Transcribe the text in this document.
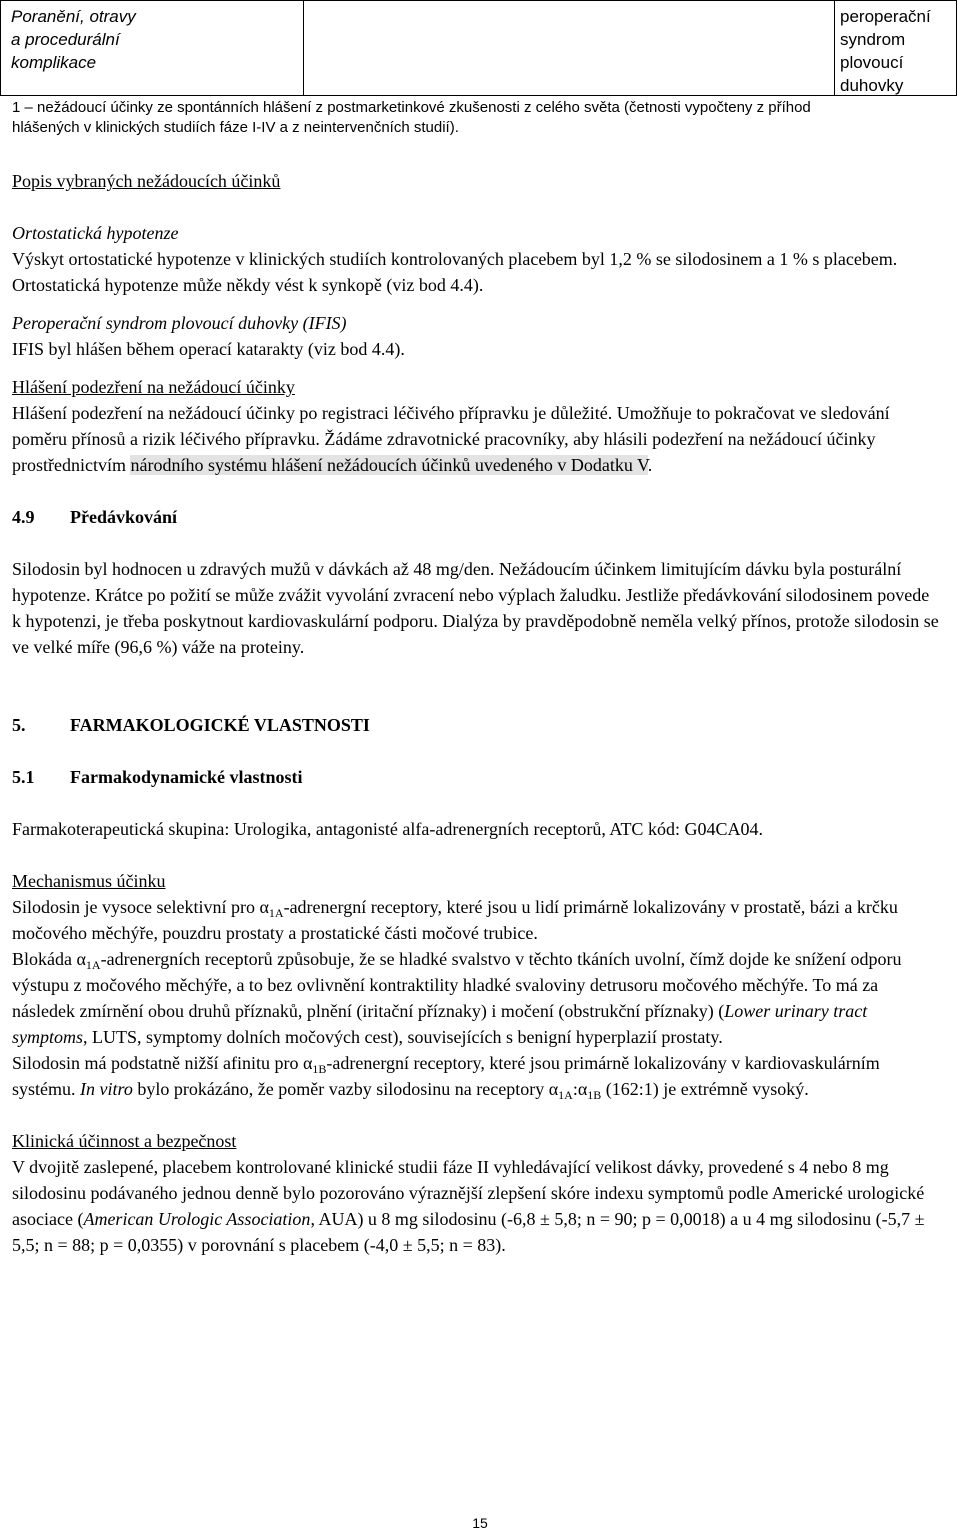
Poranění, otravy
a procedurální
komplikace
peroperační
syndrom
plovoucí
duhovky
1 – nežádoucí účinky ze spontánních hlášení z postmarketinkové zkušenosti z celého světa (četnosti vypočteny z příhod
hlášených v klinických studiích fáze I-IV a z neintervenčních studií).

Popis vybraných nežádoucích účinků

Ortostatická hypotenze

Výskyt ortostatické hypotenze v klinických studiích kontrolovaných placebem byl 1,2 % se silodosinem a 1 % s placebem. Ortostatická hypotenze může někdy vést k synkopě (viz bod 4.4).

Peroperační syndrom plovoucí duhovky (IFIS)

IFIS byl hlášen během operací katarakty (viz bod 4.4).

Hlášení podezření na nežádoucí účinky

Hlášení podezření na nežádoucí účinky po registraci léčivého přípravku je důležité. Umožňuje to pokračovat ve sledování poměru přínosů a rizik léčivého přípravku. Žádáme zdravotnické pracovníky, aby hlásili podezření na nežádoucí účinky prostřednictvím národního systému hlášení nežádoucích účinků uvedeného v Dodatku V.

4.9 Předávkování

Silodosin byl hodnocen u zdravých mužů v dávkách až 48 mg/den. Nežádoucím účinkem limitujícím dávku byla posturální hypotenze. Krátce po požití se může zvážit vyvolání zvracení nebo výplach žaludku. Jestliže předávkování silodosinem povede k hypotenzi, je třeba poskytnout kardiovaskulární podporu. Dialýza by pravděpodobně neměla velký přínos, protože silodosin se ve velké míře (96,6 %) váže na proteiny.

5. FARMAKOLOGICKÉ VLASTNOSTI

5.1 Farmakodynamické vlastnosti

Farmakoterapeutická skupina: Urologika, antagonisté alfa-adrenergních receptorů, ATC kód: G04CA04.

Mechanismus účinku

Silodosin je vysoce selektivní pro $\alpha_{1A}$-adrenergní receptory, které jsou u lidí primárně lokalizovány v prostatě, bázi a krčku močového měchýře, pouzdru prostaty a prostatické části močové trubice.

Blokáda $\alpha_{1A}$-adrenergních receptorů způsobuje, že se hladké svalstvo v těchto tkáních uvolní, čímž dojde ke snížení odporu výstupu z močového měchýře, a to bez ovlivnění kontraktility hladké svaloviny detrusoru močového měchýře. To má za následek zmírnění obou druhů příznaků, plnění (iritační příznaky) i močení (obstrukční příznaky) (Lower urinary tract symptoms, LUTS, symptomy dolních močových cest), souvisejících s benigní hyperplazií prostaty.

Silodosin má podstatně nižší afinitu pro $\alpha_{1B}$-adrenergní receptory, které jsou primárně lokalizovány v kardiovaskulárním systému. In vitro bylo prokázáno, že poměr vazby silodosinu na receptory $\alpha_{1A}:\alpha_{1B}$ (162:1) je extrémně vysoký.

Klinická účinnost a bezpečnost

V dvojitě zaslepené, placebem kontrolované klinické studii fáze II vyhledávající velikost dávky, provedené s 4 nebo 8 mg silodosinu podávaného jednou denně bylo pozorováno výraznější zlepšení skóre indexu symptomů podle Americké urologické asociace (American Urologic Association, AUA) u 8 mg silodosinu (-6,8 ± 5,8; n = 90; p = 0,0018) a u 4 mg silodosinu (-5,7 ± 5,5; n = 88; p = 0,0355) v porovnání s placebem (-4,0 ± 5,5; n = 83).

15
